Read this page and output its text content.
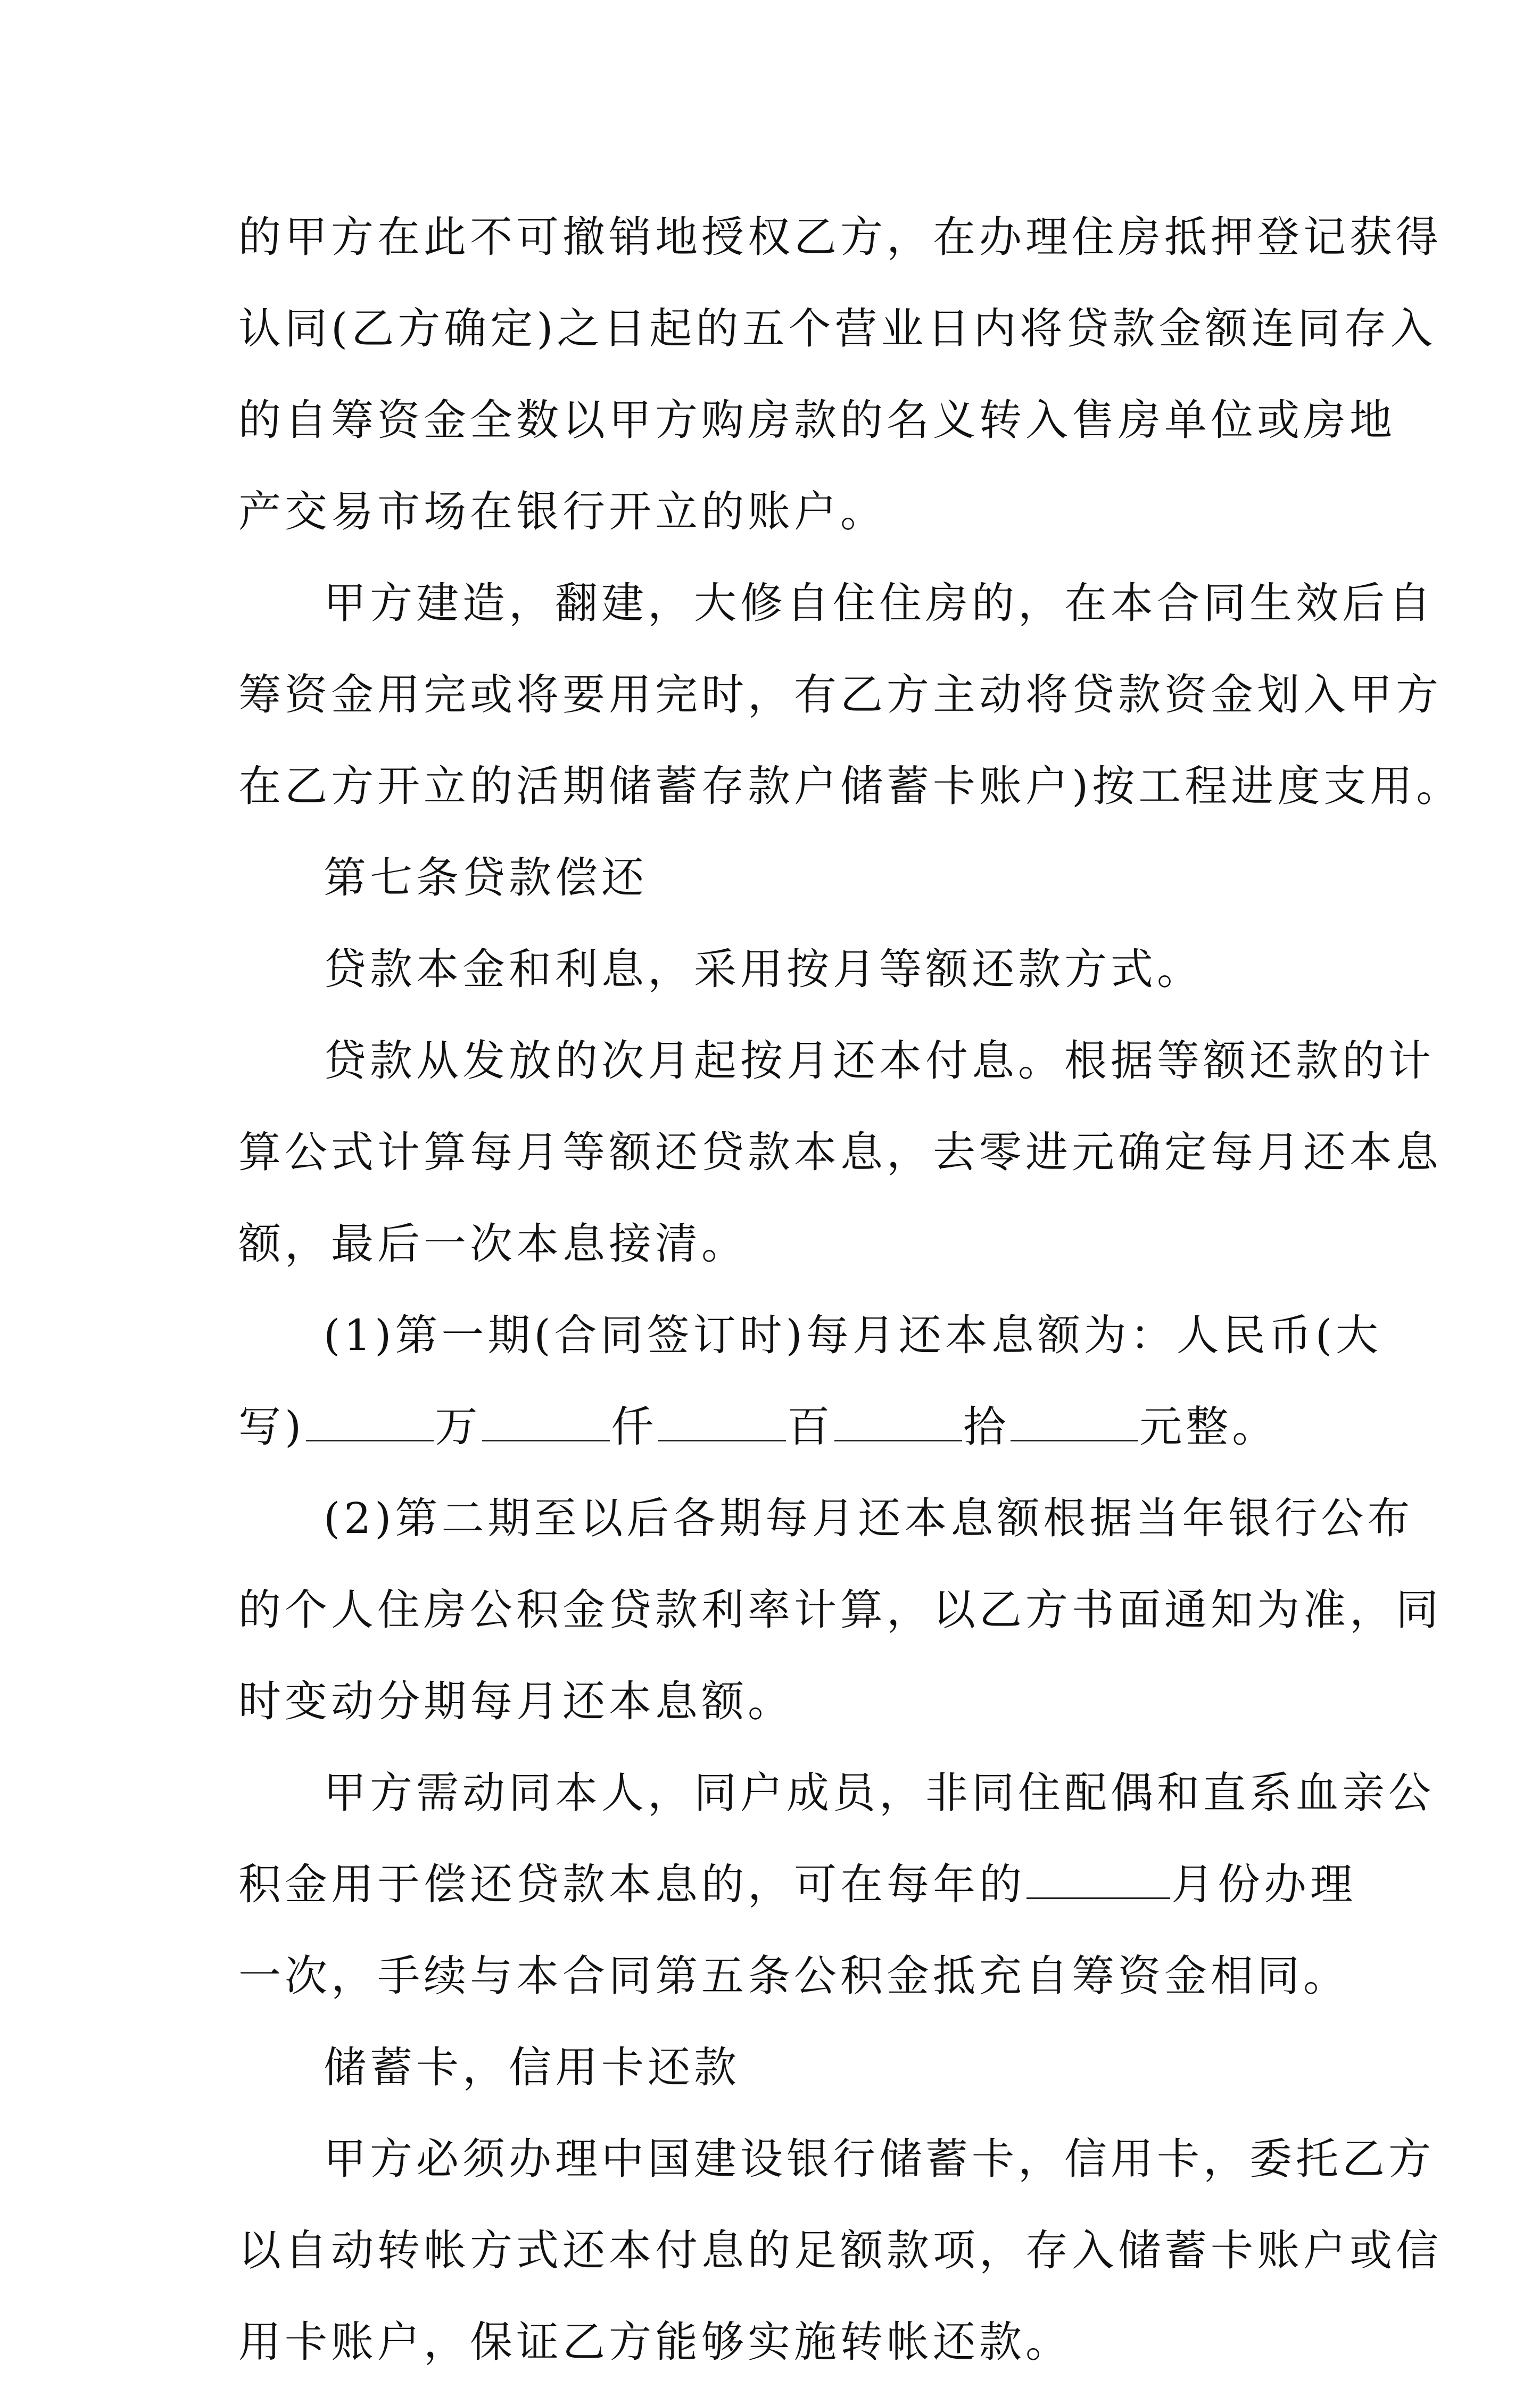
的甲方在此不可撤销地授权乙方，在办理住房抵押登记获得
认同(乙方确定)之日起的五个营业日内将贷款金额连同存入
的自筹资金全数以甲方购房款的名义转入售房单位或房地
产交易市场在银行开立的账户。
甲方建造，翻建，大修自住住房的，在本合同生效后自
筹资金用完或将要用完时，有乙方主动将贷款资金划入甲方
在乙方开立的活期储蓄存款户储蓄卡账户)按工程进度支用。
第七条贷款偿还
贷款本金和利息，采用按月等额还款方式。
贷款从发放的次月起按月还本付息。根据等额还款的计
算公式计算每月等额还贷款本息，去零进元确定每月还本息
额，最后一次本息接清。
(1)第一期(合同签订时)每月还本息额为：人民币(大
写)	万	仟	百	拾	元整。
(2)第二期至以后各期每月还本息额根据当年银行公布
的个人住房公积金贷款利率计算，以乙方书面通知为准，同
时变动分期每月还本息额。
甲方需动同本人，同户成员，非同住配偶和直系血亲公
积金用于偿还贷款本息的，可在每年的	月份办理
一次，手续与本合同第五条公积金抵充自筹资金相同。
储蓄卡，信用卡还款
甲方必须办理中国建设银行储蓄卡，信用卡，委托乙方
以自动转帐方式还本付息的足额款项，存入储蓄卡账户或信
用卡账户，保证乙方能够实施转帐还款。
